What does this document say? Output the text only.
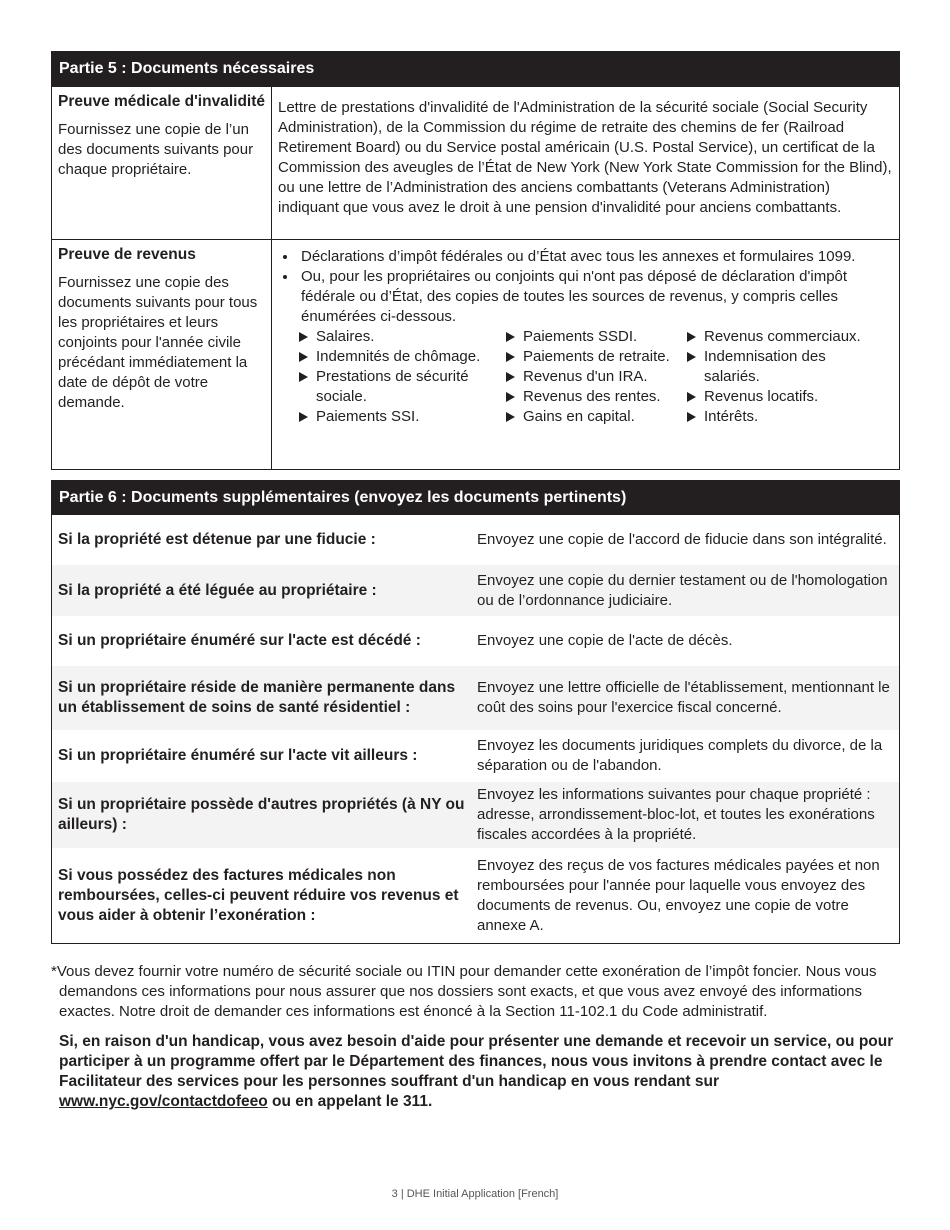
Partie 5 : Documents nécessaires
Preuve médicale d'invalidité
Fournissez une copie de l’un des documents suivants pour chaque propriétaire.
Lettre de prestations d'invalidité de l'Administration de la sécurité sociale (Social Security Administration), de la Commission du régime de retraite des chemins de fer (Railroad Retirement Board) ou du Service postal américain (U.S. Postal Service), un certificat de la Commission des aveugles de l’État de New York (New York State Commission for the Blind), ou une lettre de l’Administration des anciens combattants (Veterans Administration) indiquant que vous avez le droit à une pension d'invalidité pour anciens combattants.
Preuve de revenus
Fournissez une copie des documents suivants pour tous les propriétaires et leurs conjoints pour l'année civile précédant immédiatement la date de dépôt de votre demande.
• Déclarations d’impôt fédérales ou d’État avec tous les annexes et formulaires 1099.
• Ou, pour les propriétaires ou conjoints qui n'ont pas déposé de déclaration d'impôt fédérale ou d’État, des copies de toutes les sources de revenus, y compris celles énumérées ci-dessous.
Salaires.
Indemnités de chômage.
Prestations de sécurité sociale.
Paiements SSI.
Paiements SSDI.
Paiements de retraite.
Revenus d'un IRA.
Revenus des rentes.
Gains en capital.
Revenus commerciaux.
Indemnisation des salariés.
Revenus locatifs.
Intérêts.
Partie 6 : Documents supplémentaires (envoyez les documents pertinents)
Si la propriété est détenue par une fiducie :	Envoyez une copie de l'accord de fiducie dans son intégralité.
Si la propriété a été léguée au propriétaire :
Envoyez une copie du dernier testament ou de l'homologation ou de l’ordonnance judiciaire.
Si un propriétaire énuméré sur l'acte est décédé :	Envoyez une copie de l'acte de décès.
Si un propriétaire réside de manière permanente dans un établissement de soins de santé résidentiel :
Envoyez une lettre officielle de l'établissement, mentionnant le coût des soins pour l'exercice fiscal concerné.
Si un propriétaire énuméré sur l'acte vit ailleurs :
Envoyez les documents juridiques complets du divorce, de la séparation ou de l'abandon.
Si un propriétaire possède d'autres propriétés (à NY ou ailleurs) :
Envoyez les informations suivantes pour chaque propriété : adresse, arrondissement-bloc-lot, et toutes les exonérations fiscales accordées à la propriété.
Si vous possédez des factures médicales non remboursées, celles-ci peuvent réduire vos revenus et vous aider à obtenir l’exonération :
Envoyez des reçus de vos factures médicales payées et non remboursées pour l'année pour laquelle vous envoyez des documents de revenus. Ou, envoyez une copie de votre annexe A.
*Vous devez fournir votre numéro de sécurité sociale ou ITIN pour demander cette exonération de l’impôt foncier. Nous vous demandons ces informations pour nous assurer que nos dossiers sont exacts, et que vous avez envoyé des informations exactes. Notre droit de demander ces informations est énoncé à la Section 11-102.1 du Code administratif.
Si, en raison d'un handicap, vous avez besoin d'aide pour présenter une demande et recevoir un service, ou pour participer à un programme offert par le Département des finances, nous vous invitons à prendre contact avec le Facilitateur des services pour les personnes souffrant d'un handicap en vous rendant sur www.nyc.gov/contactdofeeo ou en appelant le 311.
3 | DHE Initial Application [French]
